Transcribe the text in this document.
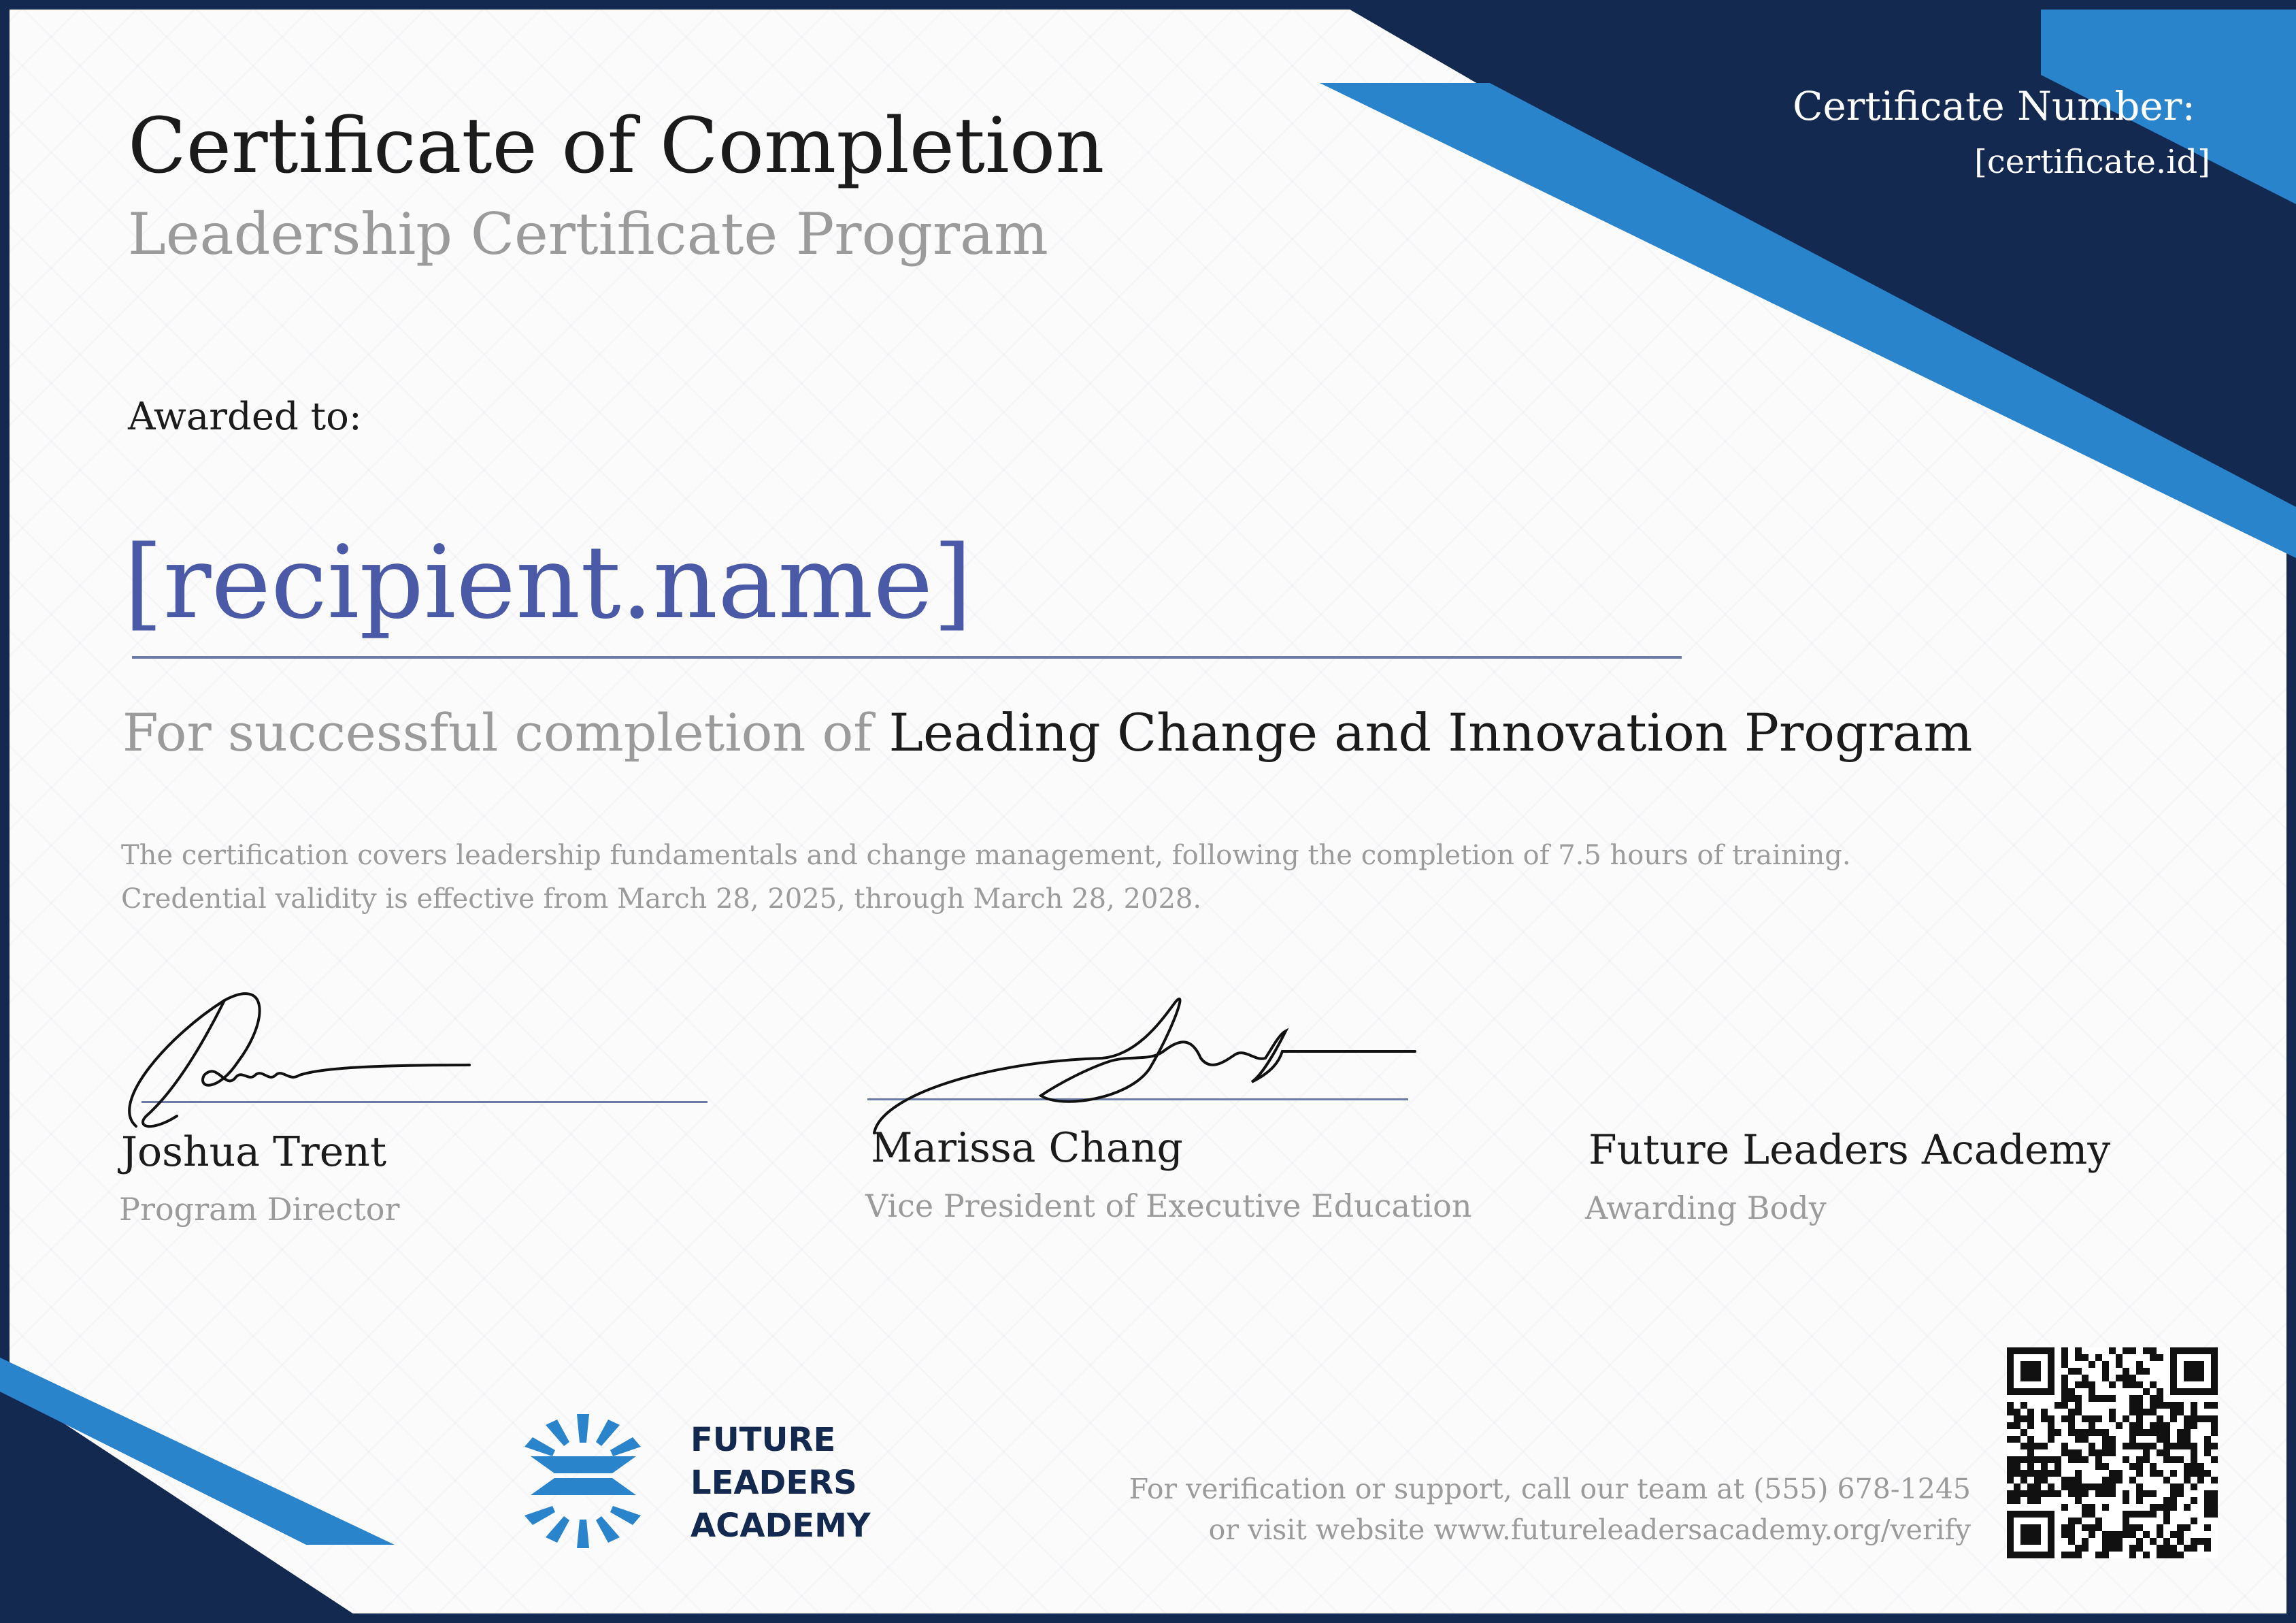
Certificate of Completion
Leadership Certificate Program
Certificate Number:
[certificate.id]
Awarded to:
[recipient.name]
For successful completion of Leading Change and Innovation Program
The certification covers leadership fundamentals and change management, following the completion of 7.5 hours of training.
Credential validity is effective from March 28, 2025, through March 28, 2028.
Joshua Trent
Program Director
Marissa Chang
Vice President of Executive Education
Future Leaders Academy
Awarding Body
FUTURE
LEADERS
ACADEMY
For verification or support, call our team at (555) 678-1245
or visit website www.futureleadersacademy.org/verify
